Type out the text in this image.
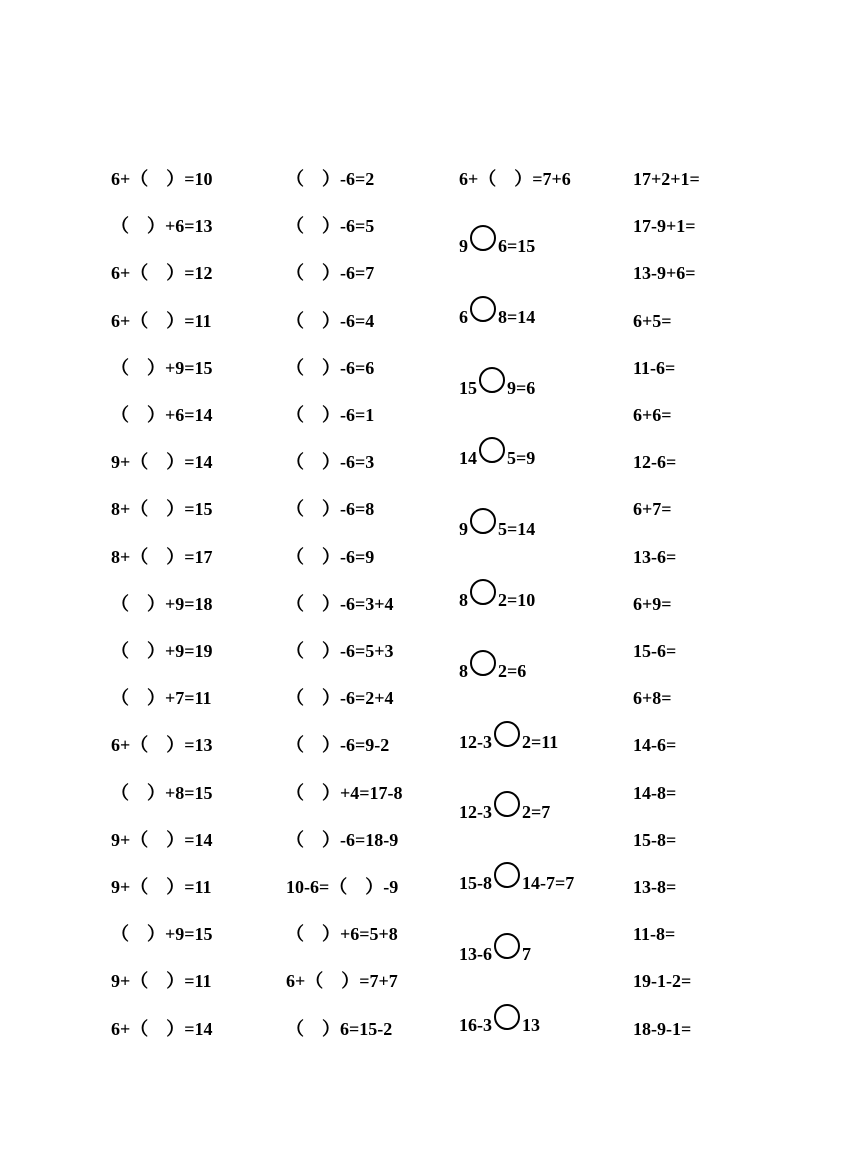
6+（　）=10
（　）+6=13
6+（　）=12
6+（　）=11
（　）+9=15
（　）+6=14
9+（　）=14
8+（　）=15
8+（　）=17
（　）+9=18
（　）+9=19
（　）+7=11
6+（　）=13
（　）+8=15
9+（　）=14
9+（　）=11
（　）+9=15
9+（　）=11
6+（　）=14
（　）-6=2
（　）-6=5
（　）-6=7
（　）-6=4
（　）-6=6
（　）-6=1
（　）-6=3
（　）-6=8
（　）-6=9
（　）-6=3+4
（　）-6=5+3
（　）-6=2+4
（　）-6=9-2
（　）+4=17-8
（　）-6=18-9
10-6=（　）-9
（　）+6=5+8
6+（　）=7+7
（　）6=15-2
6+（　）=7+6
9 6=15
6 8=14
15 9=6
14 5=9
9 5=14
8 2=10
8 2=6
12-3 2=11
12-3 2=7
15-8 14-7=7
13-6 7
16-3 13
17+2+1=
17-9+1=
13-9+6=
6+5=
11-6=
6+6=
12-6=
6+7=
13-6=
6+9=
15-6=
6+8=
14-6=
14-8=
15-8=
13-8=
11-8=
19-1-2=
18-9-1=
